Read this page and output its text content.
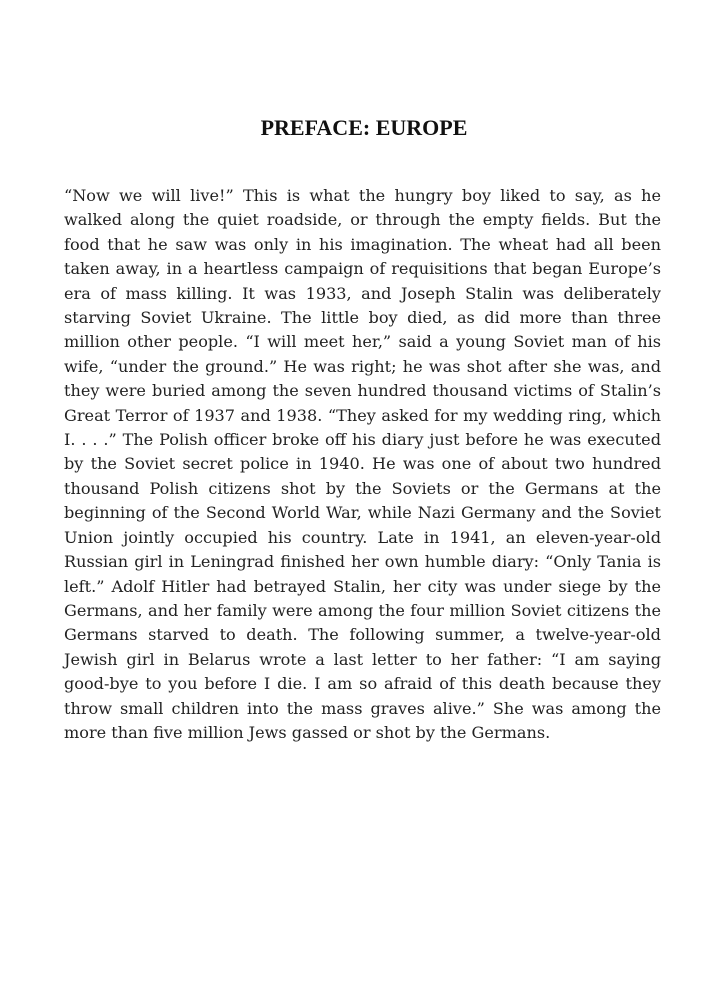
PREFACE: EUROPE

“Now we will live!” This is what the hungry boy liked to say, as he walked along the quiet roadside, or through the empty fields. But the food that he saw was only in his imagination. The wheat had all been taken away, in a heartless campaign of requisitions that began Europe’s era of mass killing. It was 1933, and Joseph Stalin was deliberately starving Soviet Ukraine. The little boy died, as did more than three million other people. “I will meet her,” said a young Soviet man of his wife, “under the ground.” He was right; he was shot after she was, and they were buried among the seven hundred thousand victims of Stalin’s Great Terror of 1937 and 1938. “They asked for my wedding ring, which I. . . .” The Polish officer broke off his diary just before he was executed by the Soviet secret police in 1940. He was one of about two hundred thousand Polish citizens shot by the Soviets or the Germans at the beginning of the Second World War, while Nazi Germany and the Soviet Union jointly occupied his country. Late in 1941, an eleven-year-old Russian girl in Leningrad finished her own humble diary: “Only Tania is left.” Adolf Hitler had betrayed Stalin, her city was under siege by the Germans, and her family were among the four million Soviet citizens the Germans starved to death. The following summer, a twelve-year-old Jewish girl in Belarus wrote a last letter to her father: “I am saying good-bye to you before I die. I am so afraid of this death because they throw small children into the mass graves alive.” She was among the more than five million Jews gassed or shot by the Germans.
